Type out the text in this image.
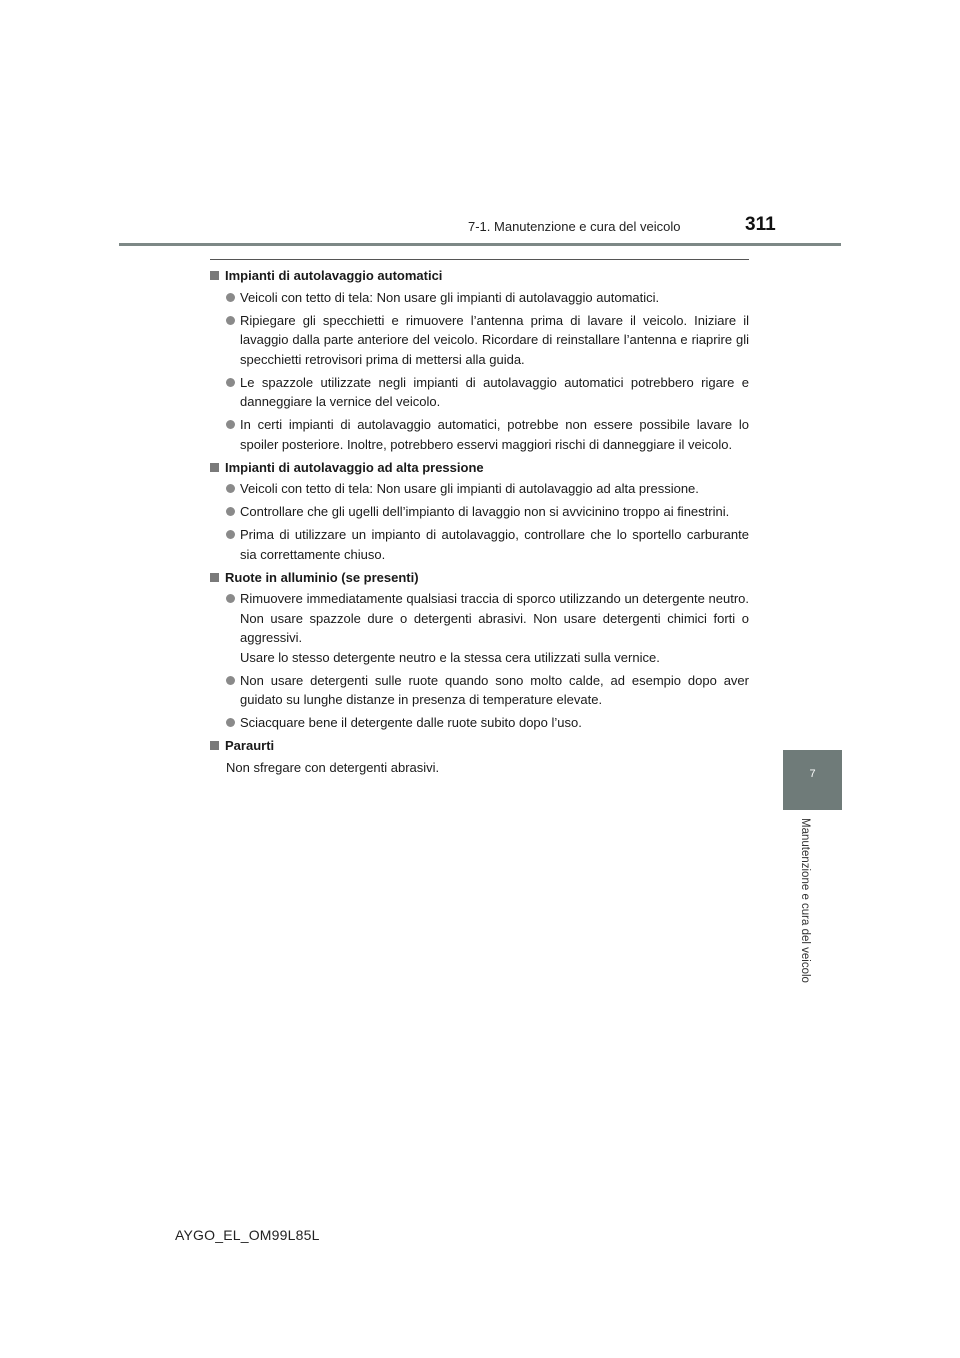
7-1. Manutenzione e cura del veicolo	311
7
Manutenzione e cura del veicolo
Impianti di autolavaggio automatici
Veicoli con tetto di tela: Non usare gli impianti di autolavaggio automatici.
Ripiegare gli specchietti e rimuovere l’antenna prima di lavare il veicolo. Iniziare il lavaggio dalla parte anteriore del veicolo. Ricordare di reinstallare l’antenna e riaprire gli specchietti retrovisori prima di mettersi alla guida.
Le spazzole utilizzate negli impianti di autolavaggio automatici potrebbero rigare e danneggiare la vernice del veicolo.
In certi impianti di autolavaggio automatici, potrebbe non essere possibile lavare lo spoiler posteriore. Inoltre, potrebbero esservi maggiori rischi di danneggiare il veicolo.
Impianti di autolavaggio ad alta pressione
Veicoli con tetto di tela: Non usare gli impianti di autolavaggio ad alta pressione.
Controllare che gli ugelli dell’impianto di lavaggio non si avvicinino troppo ai finestrini.
Prima di utilizzare un impianto di autolavaggio, controllare che lo sportello carburante sia correttamente chiuso.
Ruote in alluminio (se presenti)
Rimuovere immediatamente qualsiasi traccia di sporco utilizzando un detergente neutro. Non usare spazzole dure o detergenti abrasivi. Non usare detergenti chimici forti o aggressivi.
Usare lo stesso detergente neutro e la stessa cera utilizzati sulla vernice.
Non usare detergenti sulle ruote quando sono molto calde, ad esempio dopo aver guidato su lunghe distanze in presenza di temperature elevate.
Sciacquare bene il detergente dalle ruote subito dopo l’uso.
Paraurti
Non sfregare con detergenti abrasivi.
AYGO_EL_OM99L85L
